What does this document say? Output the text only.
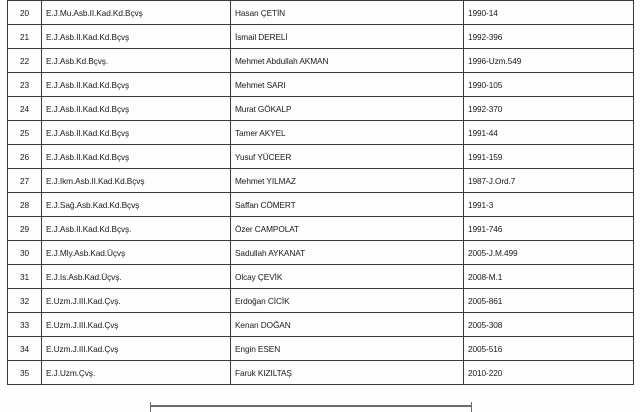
20	E.J.Mu.Asb.II.Kad.Kd.Bçvş	Hasan ÇETİN	1990-14
21	E.J.Asb.II.Kad.Kd.Bçvş	İsmail DERELİ	1992-396
22	E.J.Asb.Kd.Bçvş.	Mehmet Abdullah AKMAN	1996-Uzm.549
23	E.J.Asb.II.Kad.Kd.Bçvş	Mehmet SARI	1990-105
24	E.J.Asb.II.Kad.Kd.Bçvş	Murat GÖKALP	1992-370
25	E.J.Asb.II.Kad.Kd.Bçvş	Tamer AKYEL	1991-44
26	E.J.Asb.II.Kad.Kd.Bçvş	Yusuf YÜCEER	1991-159
27	E.J.Ikm.Asb.II.Kad.Kd.Bçvş	Mehmet YILMAZ	1987-J.Ord.7
28	E.J.Sağ.Asb.Kad.Kd.Bçvş	Saffan CÖMERT	1991-3
29	E.J.Asb.II.Kad.Kd.Bçvş.	Özer CAMPOLAT	1991-746
30	E.J.Mly.Asb.Kad.Üçvş	Sadullah AYKANAT	2005-J.M.499
31	E.J.Is.Asb.Kad.Üçvş.	Olcay ÇEVİK	2008-M.1
32	E.Uzm.J.III.Kad.Çvş.	Erdoğan CİCİK	2005-861
33	E.Uzm.J.III.Kad.Çvş	Kenan DOĞAN	2005-308
34	E.Uzm.J.III.Kad.Çvş	Engin ESEN	2005-516
35	E.J.Uzm.Çvş.	Faruk KIZILTAŞ	2010-220
